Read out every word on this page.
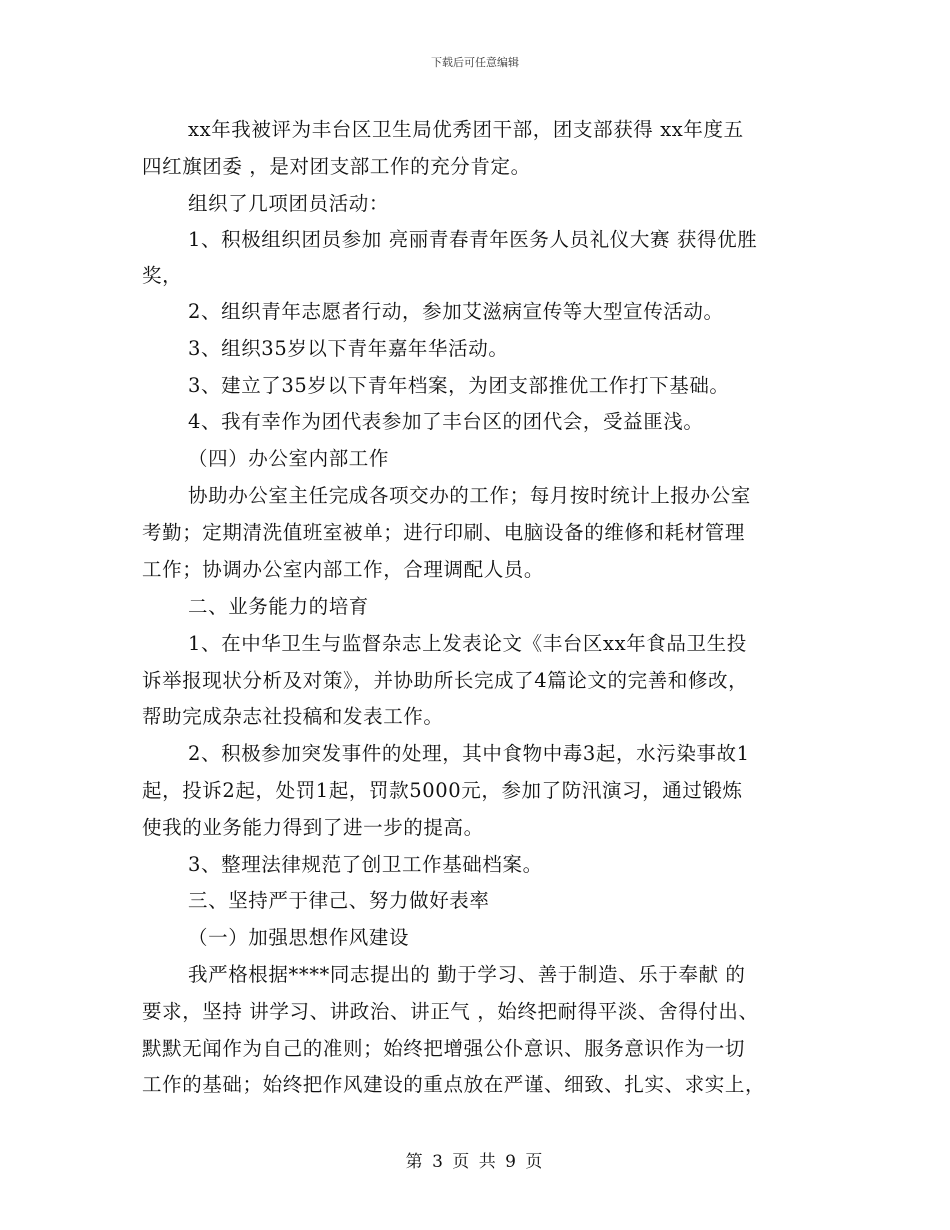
下载后可任意编辑
xx年我被评为丰台区卫生局优秀团干部，团支部获得 xx年度五
四红旗团委 ，是对团支部工作的充分肯定。
组织了几项团员活动：
1、积极组织团员参加 亮丽青春青年医务人员礼仪大赛 获得优胜
奖，
2、组织青年志愿者行动，参加艾滋病宣传等大型宣传活动。
3、组织35岁以下青年嘉年华活动。
3、建立了35岁以下青年档案，为团支部推优工作打下基础。
4、我有幸作为团代表参加了丰台区的团代会，受益匪浅。
（四）办公室内部工作
协助办公室主任完成各项交办的工作；每月按时统计上报办公室
考勤；定期清洗值班室被单；进行印刷、电脑设备的维修和耗材管理
工作；协调办公室内部工作，合理调配人员。
二、业务能力的培育
1、在中华卫生与监督杂志上发表论文《丰台区xx年食品卫生投
诉举报现状分析及对策》，并协助所长完成了4篇论文的完善和修改，
帮助完成杂志社投稿和发表工作。
2、积极参加突发事件的处理，其中食物中毒3起，水污染事故1
起，投诉2起，处罚1起，罚款5000元，参加了防汛演习，通过锻炼
使我的业务能力得到了进一步的提高。
3、整理法律规范了创卫工作基础档案。
三、坚持严于律己、努力做好表率
（一）加强思想作风建设
我严格根据****同志提出的 勤于学习、善于制造、乐于奉献 的
要求，坚持 讲学习、讲政治、讲正气 ，始终把耐得平淡、舍得付出、
默默无闻作为自己的准则；始终把增强公仆意识、服务意识作为一切
工作的基础；始终把作风建设的重点放在严谨、细致、扎实、求实上，
第 3 页 共 9 页
